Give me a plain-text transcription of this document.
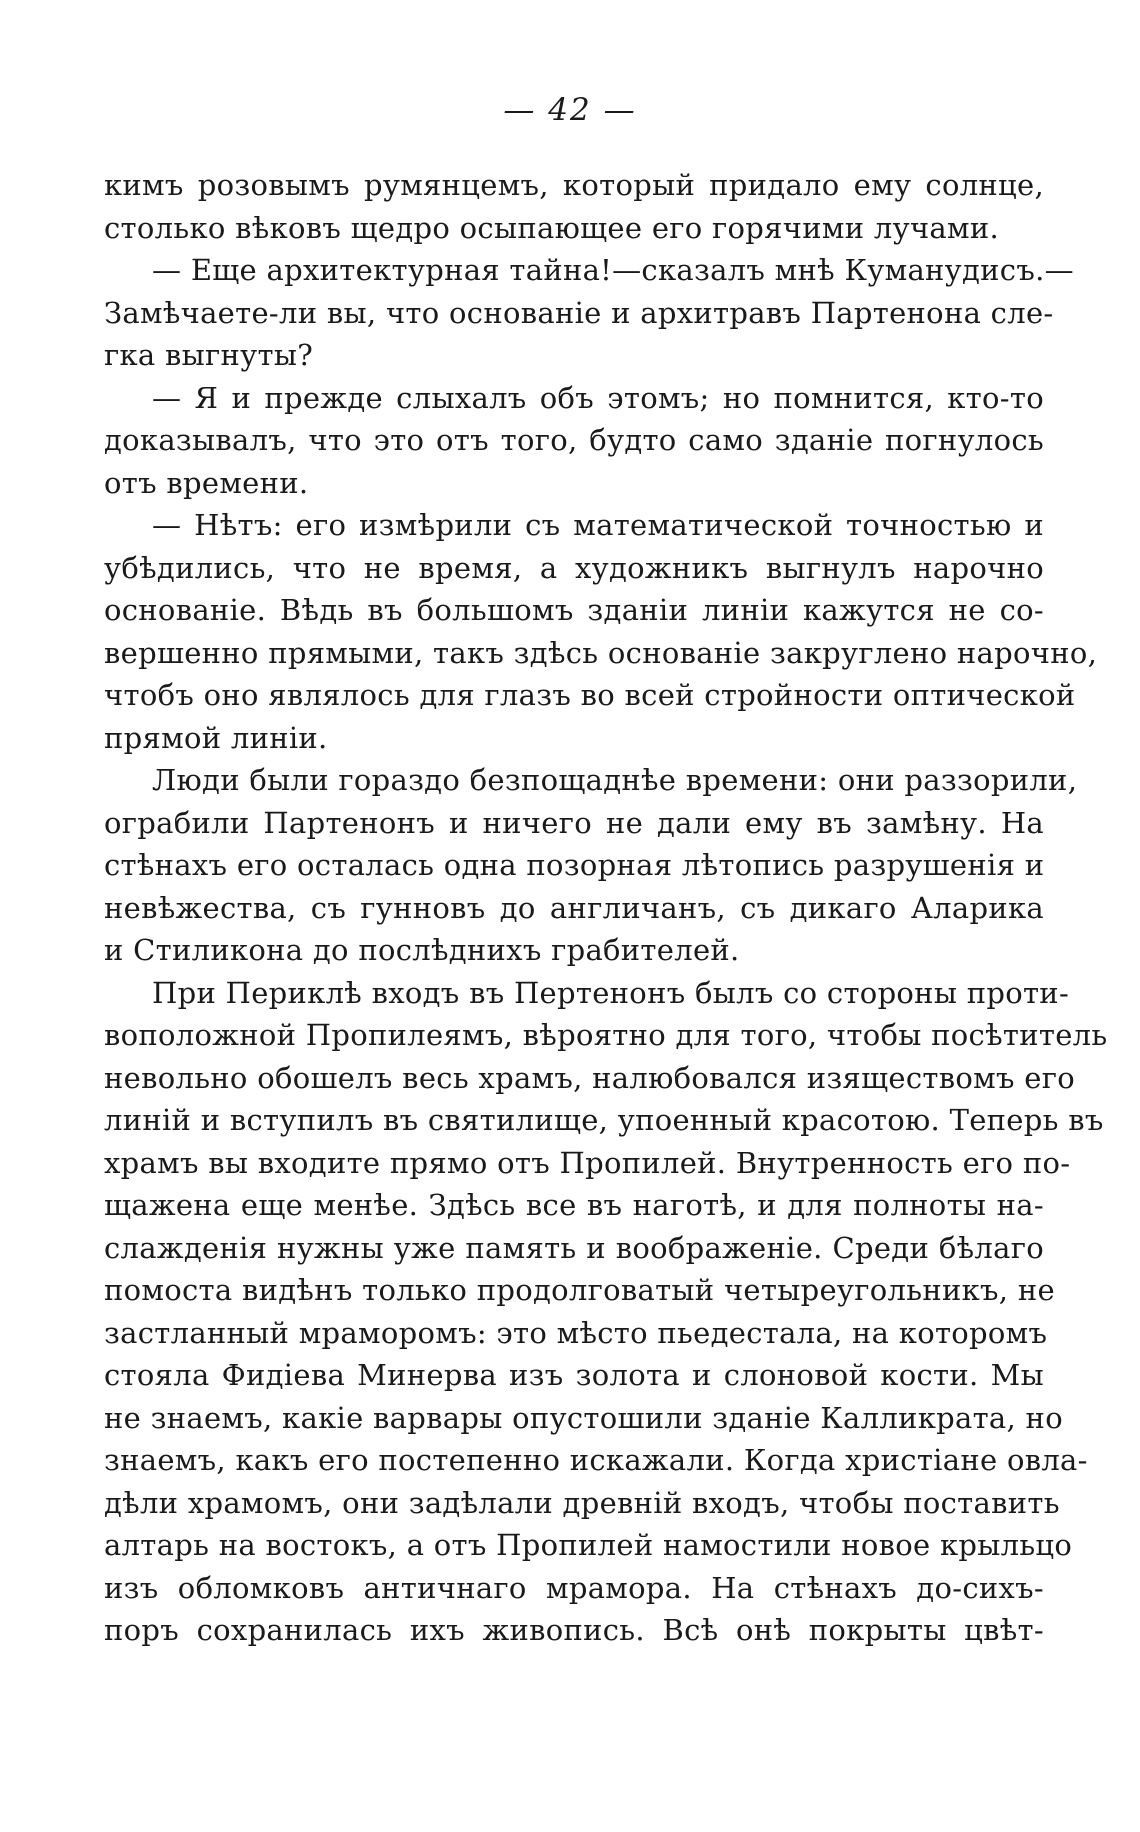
— 42 —
кимъ розовымъ румянцемъ, который придало ему солнце,
столько вѣковъ щедро осыпающее его горячими лучами.
— Еще архитектурная тайна!—сказалъ мнѣ Куманудисъ.—
Замѣчаете-ли вы, что основаніе и архитравъ Партенона сле-
гка выгнуты?
— Я и прежде слыхалъ объ этомъ; но помнится, кто-то
доказывалъ, что это отъ того, будто само зданіе погнулось
отъ времени.
— Нѣтъ: его измѣрили съ математической точностью и
убѣдились, что не время, а художникъ выгнулъ нарочно
основаніе. Вѣдь въ большомъ зданіи линіи кажутся не со-
вершенно прямыми, такъ здѣсь основаніе закруглено нарочно,
чтобъ оно являлось для глазъ во всей стройности оптической
прямой линіи.
Люди были гораздо безпощаднѣе времени: они раззорили,
ограбили Партенонъ и ничего не дали ему въ замѣну. На
стѣнахъ его осталась одна позорная лѣтопись разрушенія и
невѣжества, съ гунновъ до англичанъ, съ дикаго Аларика
и Стиликона до послѣднихъ грабителей.
При Периклѣ входъ въ Пертенонъ былъ со стороны проти-
воположной Пропилеямъ, вѣроятно для того, чтобы посѣтитель
невольно обошелъ весь храмъ, налюбовался изяществомъ его
линій и вступилъ въ святилище, упоенный красотою. Теперь въ
храмъ вы входите прямо отъ Пропилей. Внутренность его по-
щажена еще менѣе. Здѣсь все въ наготѣ, и для полноты на-
слажденія нужны уже память и воображеніе. Среди бѣлаго
помоста видѣнъ только продолговатый четыреугольникъ, не
застланный мраморомъ: это мѣсто пьедестала, на которомъ
стояла Фидіева Минерва изъ золота и слоновой кости. Мы
не знаемъ, какіе варвары опустошили зданіе Калликрата, но
знаемъ, какъ его постепенно искажали. Когда христіане овла-
дѣли храмомъ, они задѣлали древній входъ, чтобы поставить
алтарь на востокъ, а отъ Пропилей намостили новое крыльцо
изъ обломковъ античнаго мрамора. На стѣнахъ до-сихъ-
поръ сохранилась ихъ живопись. Всѣ онѣ покрыты цвѣт-
